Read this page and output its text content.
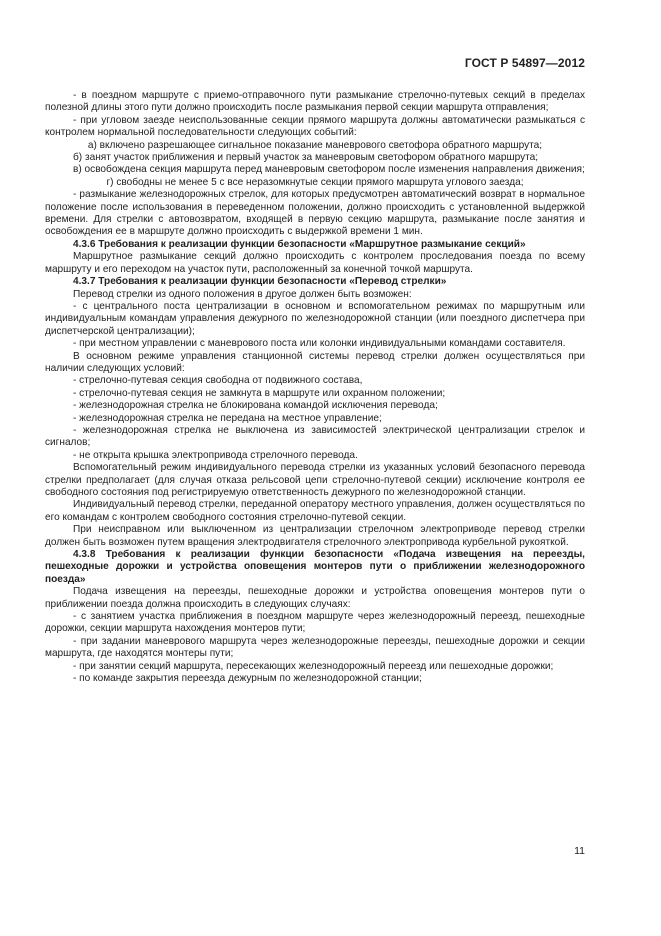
ГОСТ Р 54897—2012

- в поездном маршруте с приемо-отправочного пути размыкание стрелочно-путевых секций в пределах полезной длины этого пути должно происходить после размыкания первой секции маршрута отправления;

- при угловом заезде неиспользованные секции прямого маршрута должны автоматически размыкаться с контролем нормальной последовательности следующих событий:

а) включено разрешающее сигнальное показание маневрового светофора обратного маршрута;

б) занят участок приближения и первый участок за маневровым светофором обратного маршрута;

в) освобождена секция маршрута перед маневровым светофором после изменения направления движения;

г) свободны не менее 5 с все неразомкнутые секции прямого маршрута углового заезда;

- размыкание железнодорожных стрелок, для которых предусмотрен автоматический возврат в нормальное положение после использования в переведенном положении, должно происходить с установленной выдержкой времени. Для стрелки с автовозвратом, входящей в первую секцию маршрута, размыкание после занятия и освобождения ее в маршруте должно происходить с выдержкой времени 1 мин.

4.3.6 Требования к реализации функции безопасности «Маршрутное размыкание секций»

Маршрутное размыкание секций должно происходить с контролем проследования поезда по всему маршруту и его переходом на участок пути, расположенный за конечной точкой маршрута.

4.3.7 Требования к реализации функции безопасности «Перевод стрелки»

Перевод стрелки из одного положения в другое должен быть возможен:

- с центрального поста централизации в основном и вспомогательном режимах по маршрутным или индивидуальным командам управления дежурного по железнодорожной станции (или поездного диспетчера при диспетчерской централизации);

- при местном управлении с маневрового поста или колонки индивидуальными командами составителя.

В основном режиме управления станционной системы перевод стрелки должен осуществляться при наличии следующих условий:

- стрелочно-путевая секция свободна от подвижного состава,

- стрелочно-путевая секция не замкнута в маршруте или охранном положении;

- железнодорожная стрелка не блокирована командой исключения перевода;

- железнодорожная стрелка не передана на местное управление;

- железнодорожная стрелка не выключена из зависимостей электрической централизации стрелок и сигналов;

- не открыта крышка электропривода стрелочного перевода.

Вспомогательный режим индивидуального перевода стрелки из указанных условий безопасного перевода стрелки предполагает (для случая отказа рельсовой цепи стрелочно-путевой секции) исключение контроля ее свободного состояния под регистрируемую ответственность дежурного по железнодорожной станции.

Индивидуальный перевод стрелки, переданной оператору местного управления, должен осуществляться по его командам с контролем свободного состояния стрелочно-путевой секции.

При неисправном или выключенном из централизации стрелочном электроприводе перевод стрелки должен быть возможен путем вращения электродвигателя стрелочного электропривода курбельной рукояткой.

4.3.8 Требования к реализации функции безопасности «Подача извещения на переезды, пешеходные дорожки и устройства оповещения монтеров пути о приближении железнодорожного поезда»

Подача извещения на переезды, пешеходные дорожки и устройства оповещения монтеров пути о приближении поезда должна происходить в следующих случаях:

- с занятием участка приближения в поездном маршруте через железнодорожный переезд, пешеходные дорожки, секции маршрута нахождения монтеров пути;

- при задании маневрового маршрута через железнодорожные переезды, пешеходные дорожки и секции маршрута, где находятся монтеры пути;

- при занятии секций маршрута, пересекающих железнодорожный переезд или пешеходные дорожки;

- по команде закрытия переезда дежурным по железнодорожной станции;

11
